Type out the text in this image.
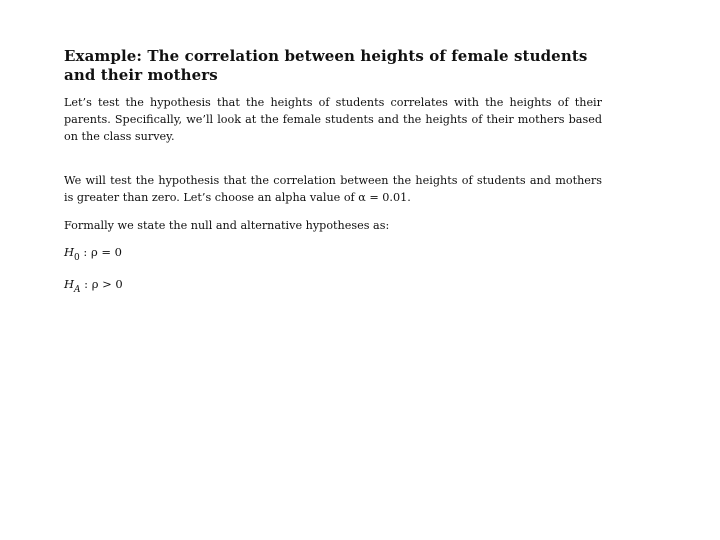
Example: The correlation between heights of female students and their mothers
Let’s test the hypothesis that the heights of students correlates with the heights of their parents. Specifically, we’ll look at the female students and the heights of their mothers based on the class survey.
We will test the hypothesis that the correlation between the heights of students and mothers is greater than zero. Let’s choose an alpha value of α = 0.01.
Formally we state the null and alternative hypotheses as:
$H_0$ : ρ = 0
$H_A$ : ρ > 0
